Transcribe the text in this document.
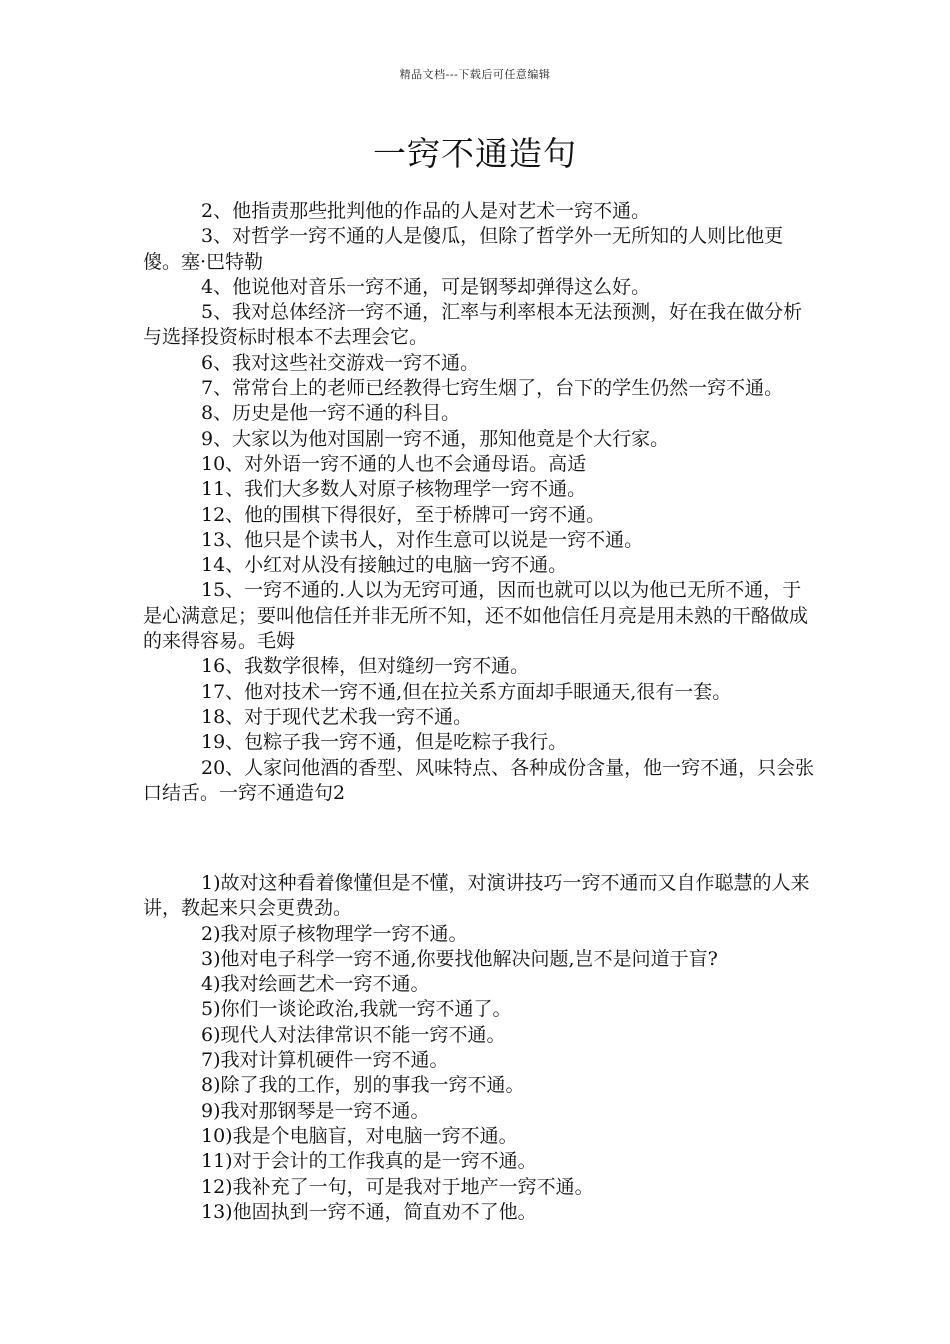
精品文档---下载后可任意编辑
一窍不通造句

2、他指责那些批判他的作品的人是对艺术一窍不通。

3、对哲学一窍不通的人是傻瓜，但除了哲学外一无所知的人则比他更傻。塞·巴特勒

4、他说他对音乐一窍不通，可是钢琴却弹得这么好。

5、我对总体经济一窍不通，汇率与利率根本无法预测，好在我在做分析与选择投资标时根本不去理会它。

6、我对这些社交游戏一窍不通。

7、常常台上的老师已经教得七窍生烟了，台下的学生仍然一窍不通。

8、历史是他一窍不通的科目。

9、大家以为他对国剧一窍不通，那知他竟是个大行家。

10、对外语一窍不通的人也不会通母语。高适

11、我们大多数人对原子核物理学一窍不通。

12、他的围棋下得很好，至于桥牌可一窍不通。

13、他只是个读书人，对作生意可以说是一窍不通。

14、小红对从没有接触过的电脑一窍不通。

15、一窍不通的.人以为无窍可通，因而也就可以以为他已无所不通，于是心满意足；要叫他信任并非无所不知，还不如他信任月亮是用未熟的干酪做成的来得容易。毛姆

16、我数学很棒，但对缝纫一窍不通。

17、他对技术一窍不通,但在拉关系方面却手眼通天,很有一套。

18、对于现代艺术我一窍不通。

19、包粽子我一窍不通，但是吃粽子我行。

20、人家问他酒的香型、风味特点、各种成份含量，他一窍不通，只会张口结舌。一窍不通造句2

1)故对这种看着像懂但是不懂，对演讲技巧一窍不通而又自作聪慧的人来讲，教起来只会更费劲。

2)我对原子核物理学一窍不通。

3)他对电子科学一窍不通,你要找他解决问题,岂不是问道于盲?

4)我对绘画艺术一窍不通。

5)你们一谈论政治,我就一窍不通了。

6)现代人对法律常识不能一窍不通。

7)我对计算机硬件一窍不通。

8)除了我的工作，别的事我一窍不通。

9)我对那钢琴是一窍不通。

10)我是个电脑盲，对电脑一窍不通。

11)对于会计的工作我真的是一窍不通。

12)我补充了一句，可是我对于地产一窍不通。

13)他固执到一窍不通，简直劝不了他。
